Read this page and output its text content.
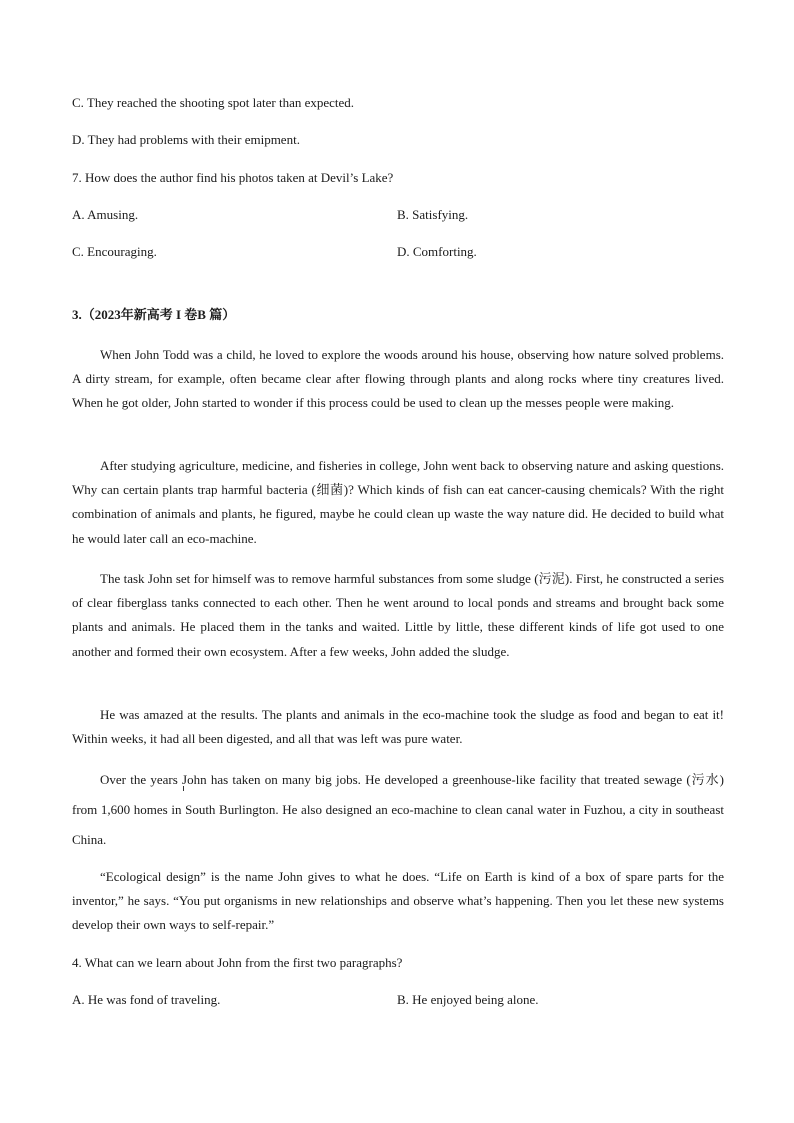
C. They reached the shooting spot later than expected.
D. They had problems with their emipment.
7. How does the author find his photos taken at Devil’s Lake?
A. Amusing.	B. Satisfying.
C. Encouraging.	D. Comforting.
3.（2023年新高考 I 卷B 篇）

When John Todd was a child, he loved to explore the woods around his house, observing how nature solved problems. A dirty stream, for example, often became clear after flowing through plants and along rocks where tiny creatures lived. When he got older, John started to wonder if this process could be used to clean up the messes people were making.

After studying agriculture, medicine, and fisheries in college, John went back to observing nature and asking questions. Why can certain plants trap harmful bacteria (细菌)? Which kinds of fish can eat cancer-causing chemicals? With the right combination of animals and plants, he figured, maybe he could clean up waste the way nature did. He decided to build what he would later call an eco-machine.

The task John set for himself was to remove harmful substances from some sludge (污泥). First, he constructed a series of clear fiberglass tanks connected to each other. Then he went around to local ponds and streams and brought back some plants and animals. He placed them in the tanks and waited. Little by little, these different kinds of life got used to one another and formed their own ecosystem. After a few weeks, John added the sludge.

He was amazed at the results. The plants and animals in the eco-machine took the sludge as food and began to eat it! Within weeks, it had all been digested, and all that was left was pure water.

Over the years John has taken on many big jobs. He developed a greenhouse-like facility that treated sewage (污水) from 1,600 homes in South Burlington. He also designed an eco-machine to clean canal water in Fuzhou, a city in southeast China.

“Ecological design” is the name John gives to what he does. “Life on Earth is kind of a box of spare parts for the inventor,” he says. “You put organisms in new relationships and observe what’s happening. Then you let these new systems develop their own ways to self-repair.”

4. What can we learn about John from the first two paragraphs?
A. He was fond of traveling.	B. He enjoyed being alone.
